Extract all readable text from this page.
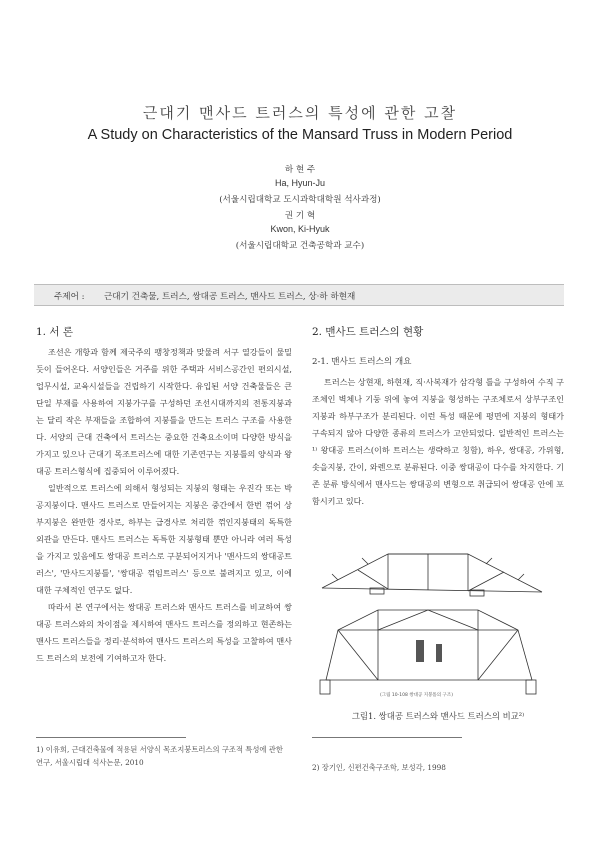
근대기 맨사드 트러스의 특성에 관한 고찰
A Study on Characteristics of the Mansard Truss in Modern Period
하 현 주
Ha, Hyun-Ju
(서울시립대학교 도시과학대학원 석사과정)
권 기 혁
Kwon, Ki-Hyuk
(서울시립대학교 건축공학과 교수)
주제어 : 근대기 건축물, 트러스, 쌍대공 트러스, 맨사드 트러스, 상·하 하현재
1. 서 론

조선은 개항과 함께 제국주의 팽창정책과 맞물려 서구 열강들이 물밀듯이 들어온다. 서양인들은 거주를 위한 주택과 서비스공간인 편의시설, 업무시설, 교육시설들을 건립하기 시작한다. 유입된 서양 건축물들은 큰 단일 부재를 사용하여 지붕가구를 구성하던 조선시대까지의 전통지붕과는 달리 작은 부재들을 조합하여 지붕틀을 만드는 트러스 구조를 사용한다. 서양의 근대 건축에서 트러스는 중요한 건축요소이며 다양한 방식을 가지고 있으나 근대기 목조트러스에 대한 기존연구는 지붕틀의 양식과 왕대공 트러스형식에 집중되어 이루어졌다.

일반적으로 트러스에 의해서 형성되는 지붕의 형태는 우진각 또는 박공지붕이다. 맨사드 트러스로 만들어지는 지붕은 중간에서 한번 꺾어 상부지붕은 완만한 경사로, 하부는 급경사로 처리한 꺾인지붕태의 독특한 외관을 만든다. 맨사드 트러스는 독특한 지붕형태 뿐만 아니라 여러 특성을 가지고 있음에도 쌍대공 트러스로 구분되어지거나 '맨사드의 쌍대공트러스', '만사드지붕틀', '쌍대공 꺾임트러스' 등으로 불려지고 있고, 이에 대한 구체적인 연구도 없다.

따라서 본 연구에서는 쌍대공 트러스와 맨사드 트러스를 비교하여 쌍대공 트러스와의 차이점을 제시하여 맨사드 트러스를 정의하고 현존하는 맨사드 트러스들을 정리·분석하여 맨사드 트러스의 특성을 고찰하여 맨사드 트러스의 보전에 기여하고자 한다.

2. 맨사드 트러스의 현황
2-1. 맨사드 트러스의 개요

트러스는 상현재, 하현재, 직·사복재가 삼각형 틀을 구성하여 수직 구조체인 벽체나 기둥 위에 놓여 지붕을 형성하는 구조체로서 상부구조인 지붕과 하부구조가 분리된다. 이런 특성 때문에 평면에 지붕의 형태가 구속되지 않아 다양한 종류의 트러스가 고안되었다. 일반적인 트러스는¹⁾ 왕대공 트러스(이하 트러스는 생략하고 칭함), 하우, 쌍대공, 가위형, 솟을지붕, 간이, 와렌으로 분류된다. 이중 쌍대공이 다수를 차지한다. 기존 분류 방식에서 맨사드는 쌍대공의 변형으로 취급되어 쌍대공 안에 포함시키고 있다.

(그림 10-108 쌍대공 지붕틀의 구조)
그림1. 쌍대공 트러스와 맨사드 트러스의 비교²⁾
1) 이유희, 근대건축물에 적용된 서양식 목조지붕트러스의 구조적 특성에 관한 연구, 서울시립대 석사논문, 2010
2) 장기인, 신편건축구조학, 보성각, 1998
